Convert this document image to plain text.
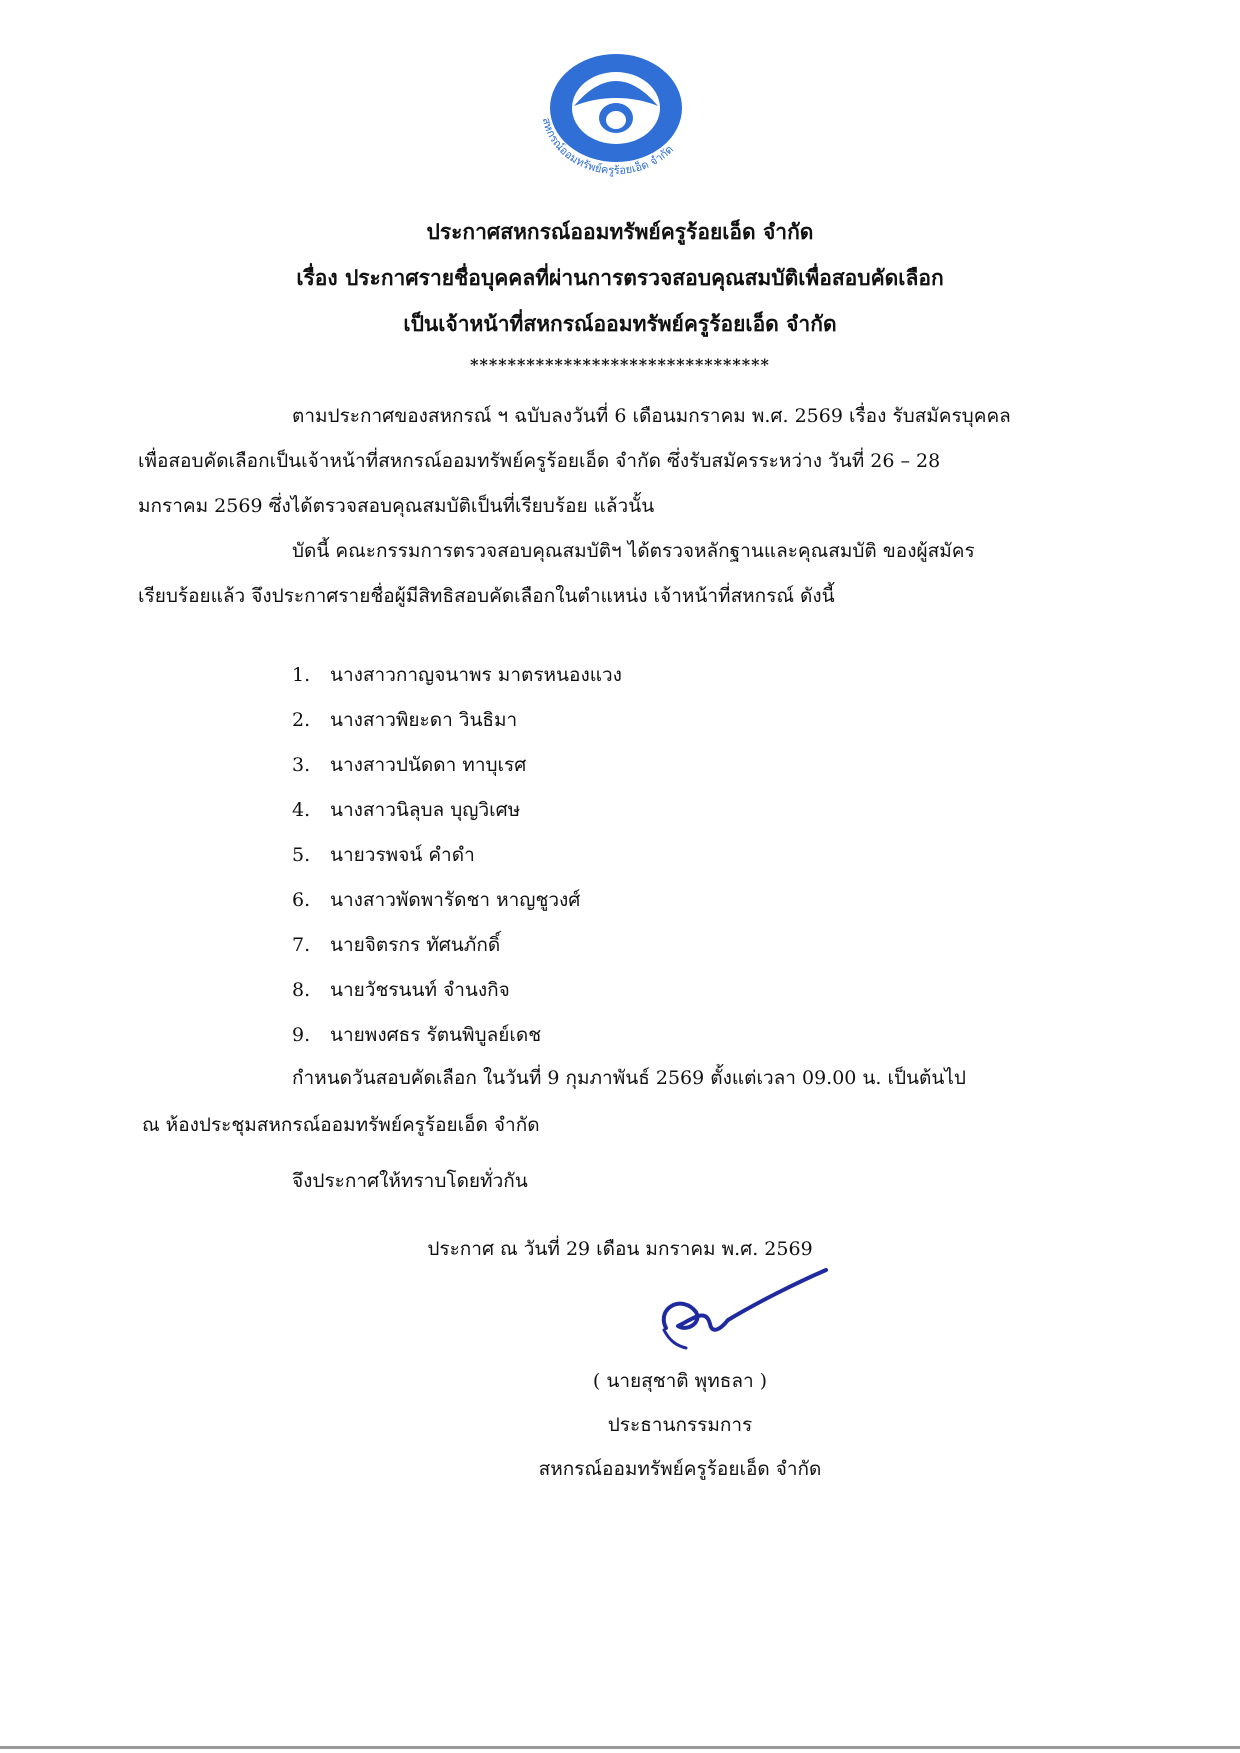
สหกรณ์ออมทรัพย์ครูร้อยเอ็ด จำกัด
ประกาศสหกรณ์ออมทรัพย์ครูร้อยเอ็ด จำกัด
เรื่อง ประกาศรายชื่อบุคคลที่ผ่านการตรวจสอบคุณสมบัติเพื่อสอบคัดเลือก
เป็นเจ้าหน้าที่สหกรณ์ออมทรัพย์ครูร้อยเอ็ด จำกัด
********************************
ตามประกาศของสหกรณ์ ฯ ฉบับลงวันที่ 6 เดือนมกราคม พ.ศ. 2569 เรื่อง รับสมัครบุคคล
เพื่อสอบคัดเลือกเป็นเจ้าหน้าที่สหกรณ์ออมทรัพย์ครูร้อยเอ็ด จำกัด ซึ่งรับสมัครระหว่าง วันที่ 26 – 28
มกราคม 2569 ซึ่งได้ตรวจสอบคุณสมบัติเป็นที่เรียบร้อย แล้วนั้น
บัดนี้ คณะกรรมการตรวจสอบคุณสมบัติฯ ได้ตรวจหลักฐานและคุณสมบัติ ของผู้สมัคร
เรียบร้อยแล้ว จึงประกาศรายชื่อผู้มีสิทธิสอบคัดเลือกในตำแหน่ง เจ้าหน้าที่สหกรณ์ ดังนี้
1.	นางสาวกาญจนาพร มาตรหนองแวง
2.	นางสาวพิยะดา วินธิมา
3.	นางสาวปนัดดา ทาบุเรศ
4.	นางสาวนิลุบล บุญวิเศษ
5.	นายวรพจน์ คำดำ
6.	นางสาวพัดพารัดชา หาญชูวงศ์
7.	นายจิตรกร ทัศนภักดิ์
8.	นายวัชรนนท์ จำนงกิจ
9.	นายพงศธร รัตนพิบูลย์เดช
กำหนดวันสอบคัดเลือก ในวันที่ 9 กุมภาพันธ์ 2569 ตั้งแต่เวลา 09.00 น. เป็นต้นไป
ณ ห้องประชุมสหกรณ์ออมทรัพย์ครูร้อยเอ็ด จำกัด
จึงประกาศให้ทราบโดยทั่วกัน
ประกาศ ณ วันที่ 29 เดือน มกราคม พ.ศ. 2569
( นายสุชาติ พุทธลา )
ประธานกรรมการ
สหกรณ์ออมทรัพย์ครูร้อยเอ็ด จำกัด
